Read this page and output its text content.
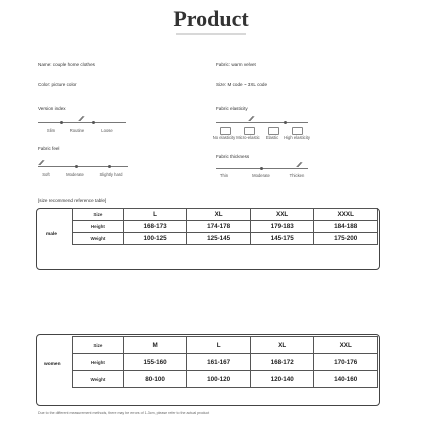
Product
Name: couple home clothes	Fabric: warm velvet
Color: picture color	Size: M code ~ 3XL code
Version index
∕∕
Slim	Routine	Loose
Fabric elasticity
∕∕
No elasticity Micro-elastic	Elastic	High elasticity
Fabric feel
∕∕
Soft	Moderate	Slightly hard
Fabric thickness
∕∕
Thin	Moderate	Thicken
[size recommend reference table]
male
Size	L	XL	XXL	XXXL
Height	168-173	174-178	179-183	184-188
Weight	100-125	125-145	145-175	175-200
women
Size	M	L	XL	XXL
Height	155-160	161-167	168-172	170-176
Weight	80-100	100-120	120-140	140-160
Due to the different measurement methods, there may be errors of 1-3cm, please refer to the actual product
